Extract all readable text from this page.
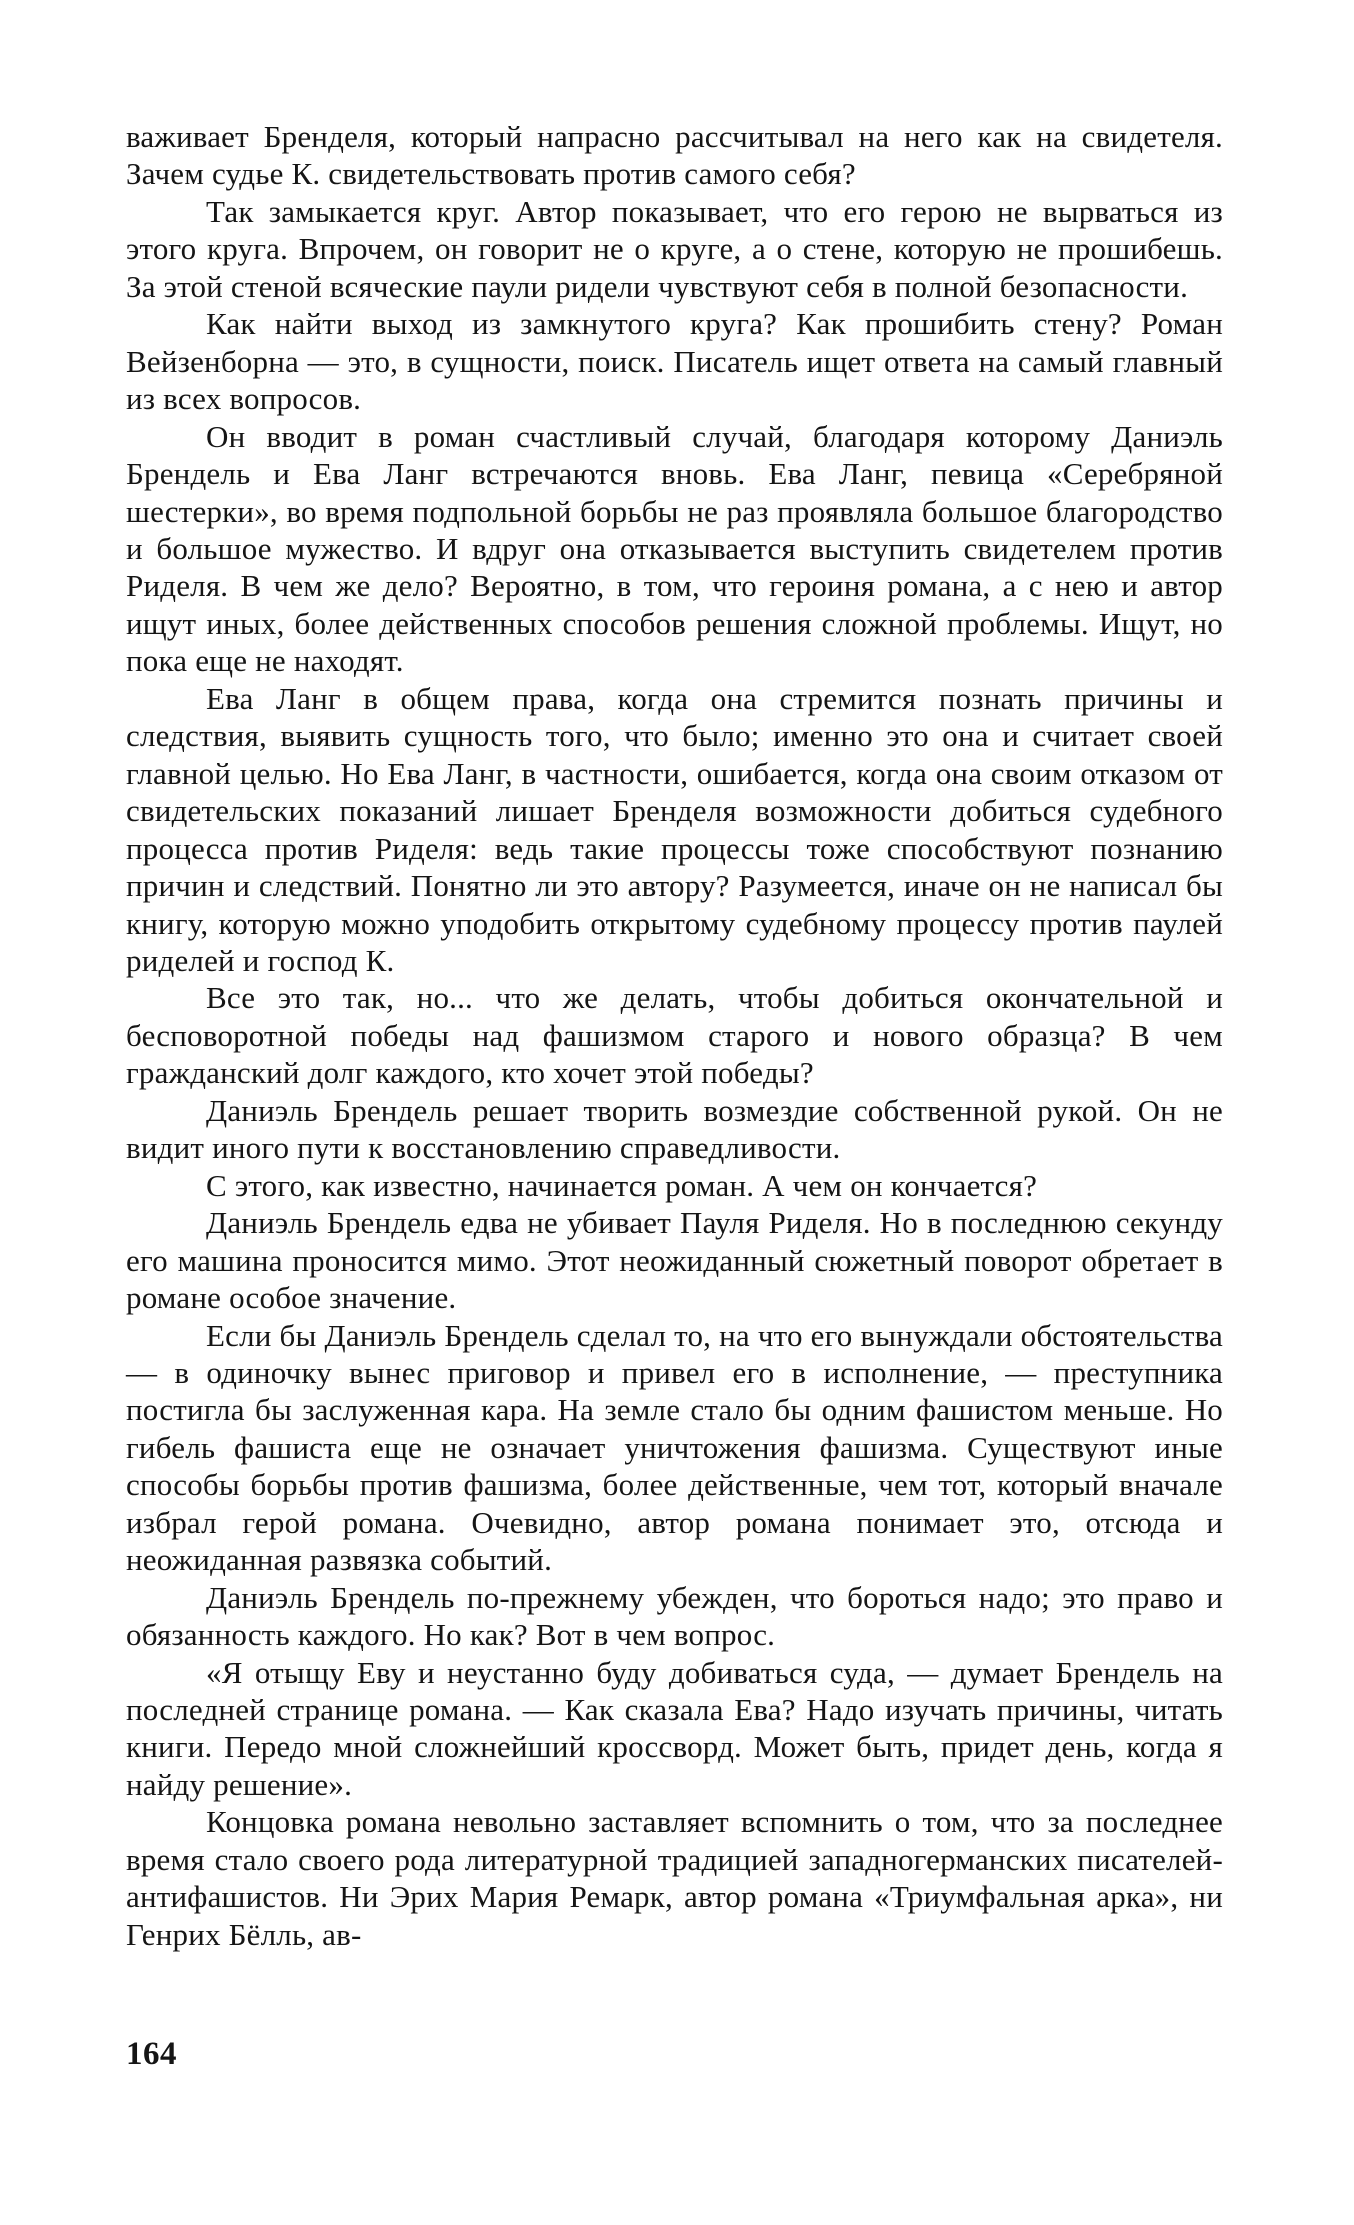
важивает Бренделя, который напрасно рассчитывал на него как на свидетеля. Зачем судье К. свидетельствовать против самого себя?

Так замыкается круг. Автор показывает, что его герою не вырваться из этого круга. Впрочем, он говорит не о круге, а о стене, которую не прошибешь. За этой стеной всяческие паули ридели чувствуют себя в полной безопасности.

Как найти выход из замкнутого круга? Как прошибить стену? Роман Вейзенборна — это, в сущности, поиск. Писатель ищет ответа на самый главный из всех вопросов.

Он вводит в роман счастливый случай, благодаря которому Даниэль Брендель и Ева Ланг встречаются вновь. Ева Ланг, певица «Серебряной шестерки», во время подпольной борьбы не раз проявляла большое благородство и большое мужество. И вдруг она отказывается выступить свидетелем против Риделя. В чем же дело? Вероятно, в том, что героиня романа, а с нею и автор ищут иных, более действенных способов решения сложной проблемы. Ищут, но пока еще не находят.

Ева Ланг в общем права, когда она стремится познать причины и следствия, выявить сущность того, что было; именно это она и считает своей главной целью. Но Ева Ланг, в частности, ошибается, когда она своим отказом от свидетельских показаний лишает Бренделя возможности добиться судебного процесса против Риделя: ведь такие процессы тоже способствуют познанию причин и следствий. Понятно ли это автору? Разумеется, иначе он не написал бы книгу, которую можно уподобить открытому судебному процессу против паулей риделей и господ К.

Все это так, но... что же делать, чтобы добиться окончательной и бесповоротной победы над фашизмом старого и нового образца? В чем гражданский долг каждого, кто хочет этой победы?

Даниэль Брендель решает творить возмездие собственной рукой. Он не видит иного пути к восстановлению справедливости.

С этого, как известно, начинается роман. А чем он кончается?

Даниэль Брендель едва не убивает Пауля Риделя. Но в последнюю секунду его машина проносится мимо. Этот неожиданный сюжетный поворот обретает в романе особое значение.

Если бы Даниэль Брендель сделал то, на что его вынуждали обстоятельства — в одиночку вынес приговор и привел его в исполнение, — преступника постигла бы заслуженная кара. На земле стало бы одним фашистом меньше. Но гибель фашиста еще не означает уничтожения фашизма. Существуют иные способы борьбы против фашизма, более действенные, чем тот, который вначале избрал герой романа. Очевидно, автор романа понимает это, отсюда и неожиданная развязка событий.

Даниэль Брендель по-прежнему убежден, что бороться надо; это право и обязанность каждого. Но как? Вот в чем вопрос.

«Я отыщу Еву и неустанно буду добиваться суда, — думает Брендель на последней странице романа. — Как сказала Ева? Надо изучать причины, читать книги. Передо мной сложнейший кроссворд. Может быть, придет день, когда я найду решение».

Концовка романа невольно заставляет вспомнить о том, что за последнее время стало своего рода литературной традицией западногерманских писателей-антифашистов. Ни Эрих Мария Ремарк, автор романа «Триумфальная арка», ни Генрих Бёлль, ав-

164
